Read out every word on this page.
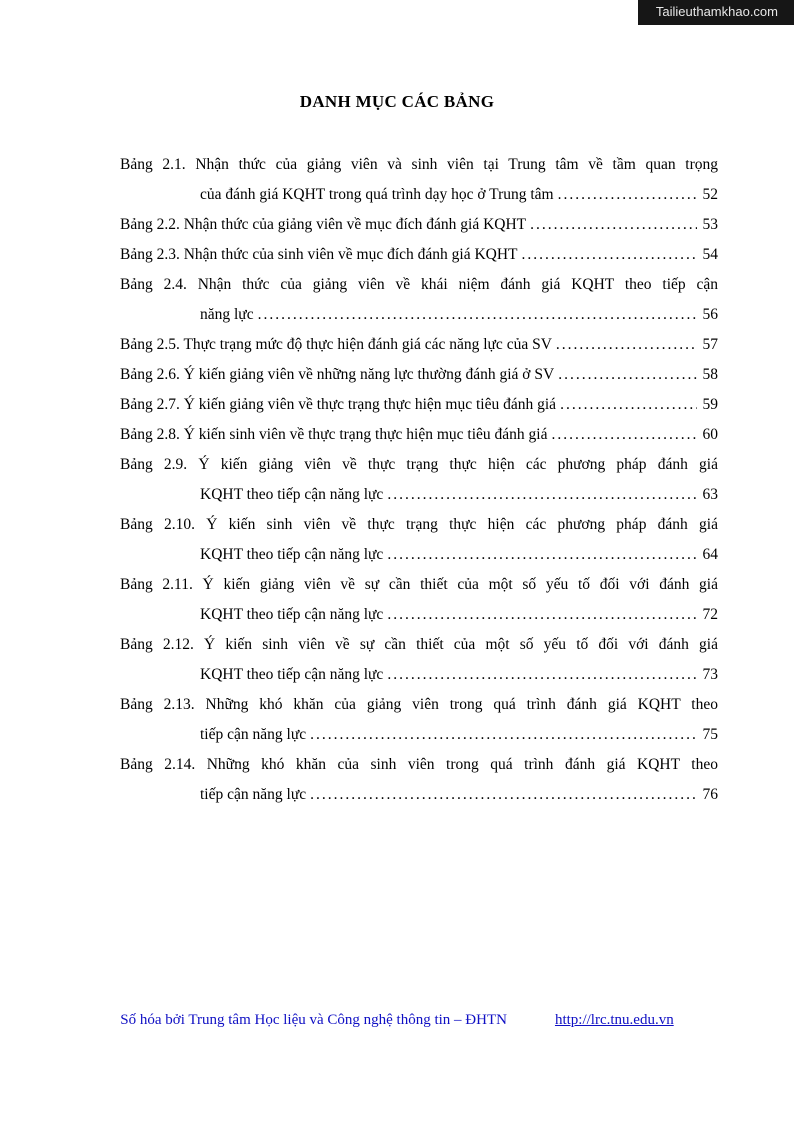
Tailieuthamkhao.com
DANH MỤC CÁC BẢNG
Bảng 2.1. Nhận thức của giảng viên và sinh viên tại Trung tâm về tầm quan trọng
của đánh giá KQHT trong quá trình dạy học ở Trung tâm .....	52
Bảng 2.2. Nhận thức của giảng viên về mục đích đánh giá KQHT .....	53
Bảng 2.3. Nhận thức của sinh viên về mục đích đánh giá KQHT .....	54
Bảng 2.4. Nhận thức của giảng viên về khái niệm đánh giá KQHT theo tiếp cận
năng lực .....	56
Bảng 2.5. Thực trạng mức độ thực hiện đánh giá các năng lực của SV .....	57
Bảng 2.6. Ý kiến giảng viên về những năng lực thường đánh giá ở SV .....	58
Bảng 2.7. Ý kiến giảng viên về thực trạng thực hiện mục tiêu đánh giá .....	59
Bảng 2.8. Ý kiến sinh viên về thực trạng thực hiện mục tiêu đánh giá .....	60
Bảng 2.9. Ý kiến giảng viên về thực trạng thực hiện các phương pháp đánh giá
KQHT theo tiếp cận năng lực .....	63
Bảng 2.10. Ý kiến sinh viên về thực trạng thực hiện các phương pháp đánh giá
KQHT theo tiếp cận năng lực .....	64
Bảng 2.11. Ý kiến giảng viên về sự cần thiết của một số yếu tố đối với đánh giá
KQHT theo tiếp cận năng lực .....	72
Bảng 2.12. Ý kiến sinh viên về sự cần thiết của một số yếu tố đối với đánh giá
KQHT theo tiếp cận năng lực .....	73
Bảng 2.13. Những khó khăn của giảng viên trong quá trình đánh giá KQHT theo
tiếp cận năng lực .....	75
Bảng 2.14. Những khó khăn của sinh viên trong quá trình đánh giá KQHT theo
tiếp cận năng lực .....	76
Số hóa bởi Trung tâm Học liệu và Công nghệ thông tin – ĐHTN	http://lrc.tnu.edu.vn
